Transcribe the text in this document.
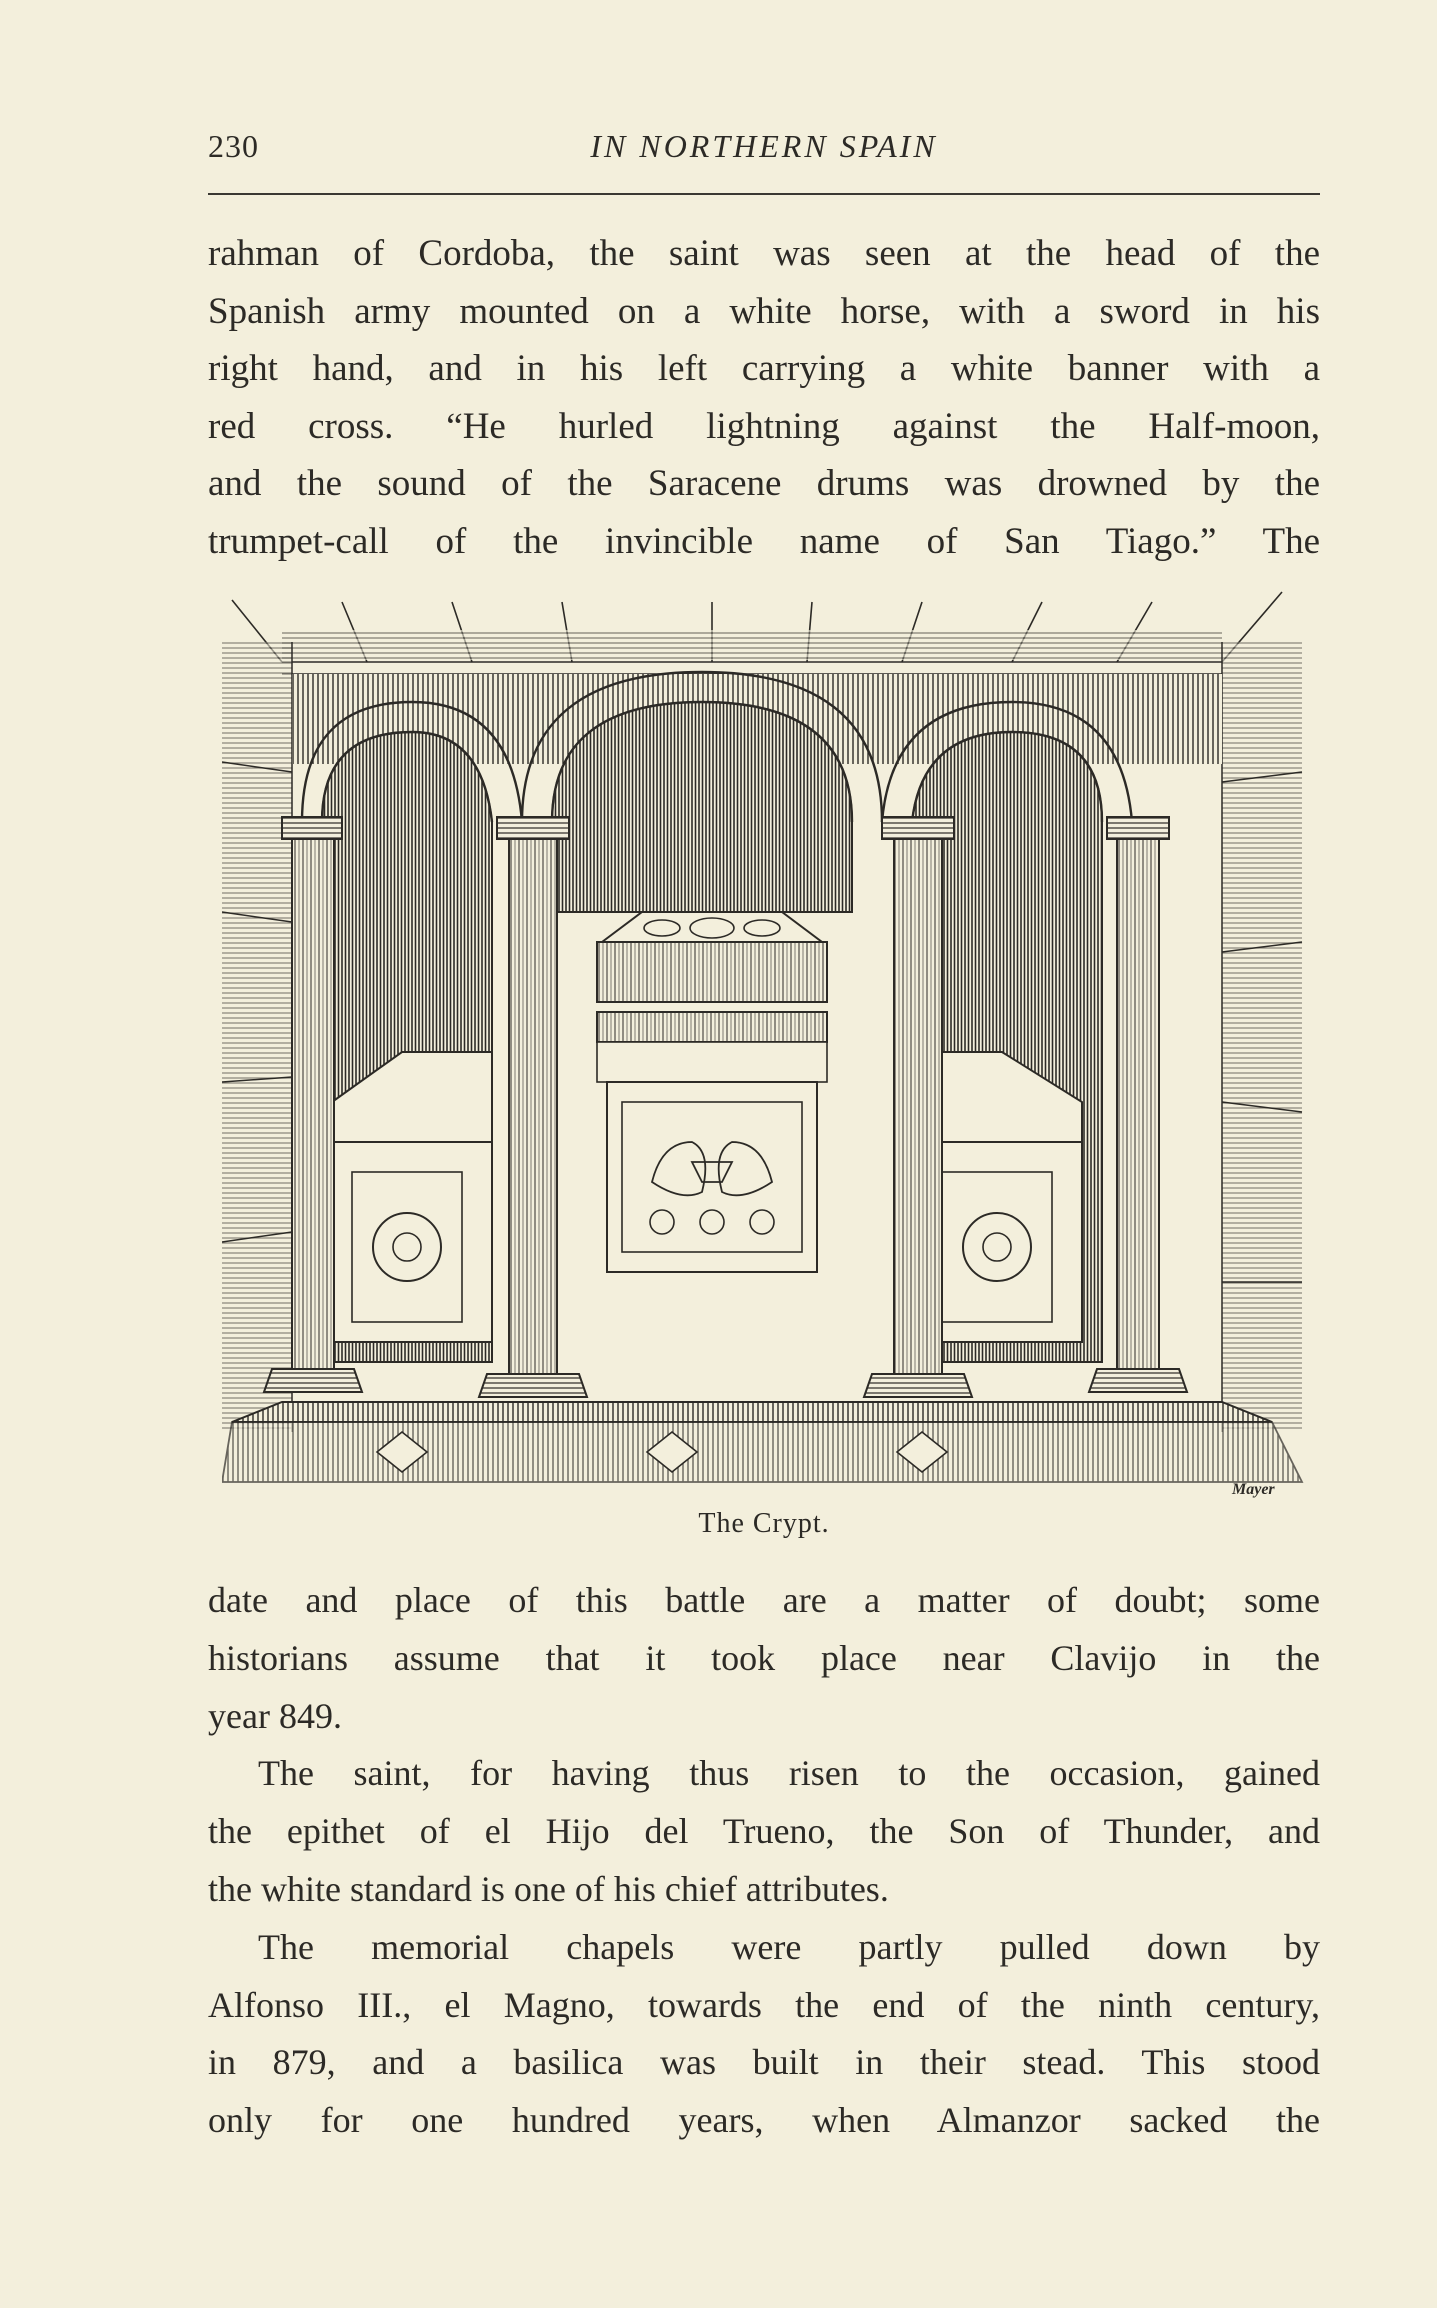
230	IN NORTHERN SPAIN
rahman of Cordoba, the saint was seen at the head of the
Spanish army mounted on a white horse, with a sword in his
right hand, and in his left carrying a white banner with a
red cross. “He hurled lightning against the Half-moon,
and the sound of the Saracene drums was drowned by the
trumpet-call of the invincible name of San Tiago.” The
Mayer
The Crypt.
date and place of this battle are a matter of doubt; some
historians assume that it took place near Clavijo in the
year 849.
The saint, for having thus risen to the occasion, gained
the epithet of el Hijo del Trueno, the Son of Thunder, and
the white standard is one of his chief attributes.
The memorial chapels were partly pulled down by
Alfonso III., el Magno, towards the end of the ninth century,
in 879, and a basilica was built in their stead. This stood
only for one hundred years, when Almanzor sacked the
